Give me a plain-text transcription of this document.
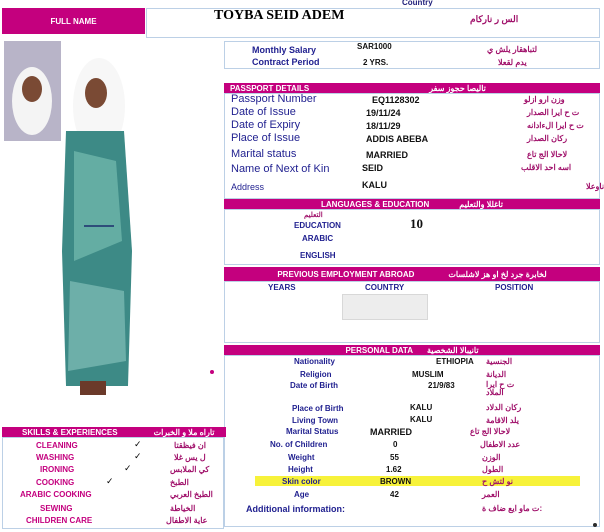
FULL NAME
Country
TOYBA SEID ADEM	الس ر ناركام
Monthly Salary	SAR1000	لتباهقار يلش ي
Contract Period	2 YRS.	يدم لقعلا
PASSPORT DETAILS	تاليصا حجوز سفر
Passport Number	EQ1128302	وزن ارو ازلو
Date of Issue	19/11/24	ت ح ايرا الصدار
Date of Expiry	18/11/29	ت ح ايرا الءادانه
Place of Issue	ADDIS ABEBA	ركان الصدار
Marital status	MARRIED	لاحالا الج تاع
Name of Next of Kin	SEID	اسه احد الاقلب
Address	KALU	ناوعلا
LANGUAGES & EDUCATION	تاغللا والتعليم
التعليم
EDUCATION	10
ARABIC
ENGLISH
PREVIOUS EMPLOYMENT ABROAD	لخابرة جرد لخ او هز لاشلسات
YEARS	COUNTRY	POSITION
PERSONAL DATA تانيبالا الشخصية
Nationality	ETHIOPIA الجنسية
Religion	MUSLIM	الديانة
Date of Birth	21/9/83	ت ح ايرا الملاد
Place of Birth	KALU	ركان الدلاد
Living Town	KALU	يلد الاقامة
Marital Status	MARRIED	لاحالا الج تاع
No. of Children	0	عدد الاطفال
Weight	55	الوزن
Height	1.62	الطول
Skin color	BROWN	نو لتش ح
Age	42	العمر
Additional information:	ت ماو ايع ضاف ة:
SKILLS & EXPERIENCES	تاراه ملا و الخبرات
CLEANING	✓	ان فيظقتا
WASHING	✓	ل يس غلا
IRONING	✓	كي الملابس
COOKING	✓	الطبخ
ARABIC COOKING	الطبخ العربي
SEWING	الخياطة
CHILDREN CARE	عاية الاطفال
